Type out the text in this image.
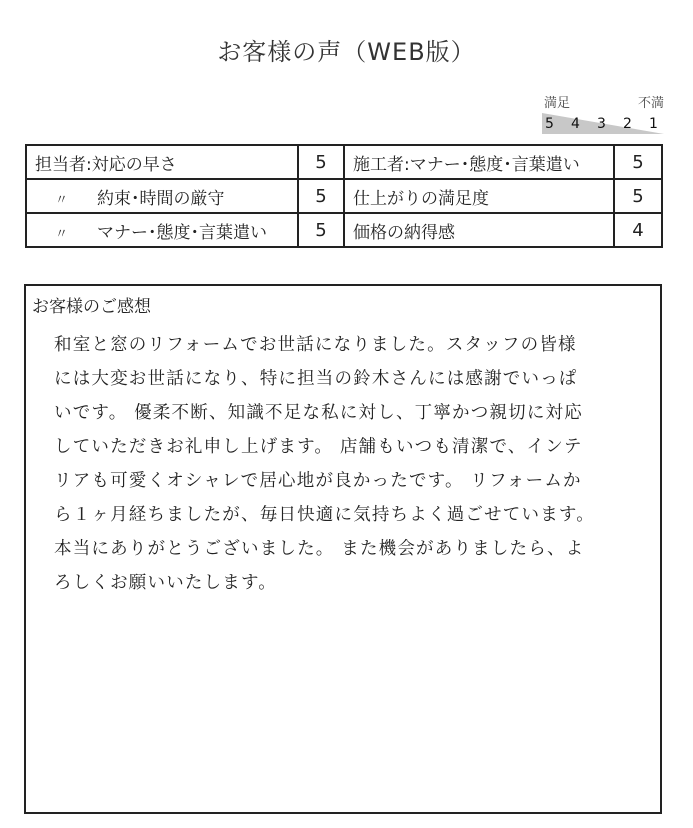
お客様の声（WEB版）
満足	不満
5 4 3 2 1
担当者:対応の早さ	5	施工者:マナー･態度･言葉遣い	5
〃 約束･時間の厳守	5	仕上がりの満足度	5
〃 マナー･態度･言葉遣い	5	価格の納得感	4
お客様のご感想
和室と窓のリフォームでお世話になりました。スタッフの皆様
には大変お世話になり、特に担当の鈴木さんには感謝でいっぱ
いです。 優柔不断、知識不足な私に対し、丁寧かつ親切に対応
していただきお礼申し上げます。 店舗もいつも清潔で、インテ
リアも可愛くオシャレで居心地が良かったです。 リフォームか
ら１ヶ月経ちましたが、毎日快適に気持ちよく過ごせています。
本当にありがとうございました。 また機会がありましたら、よ
ろしくお願いいたします。
